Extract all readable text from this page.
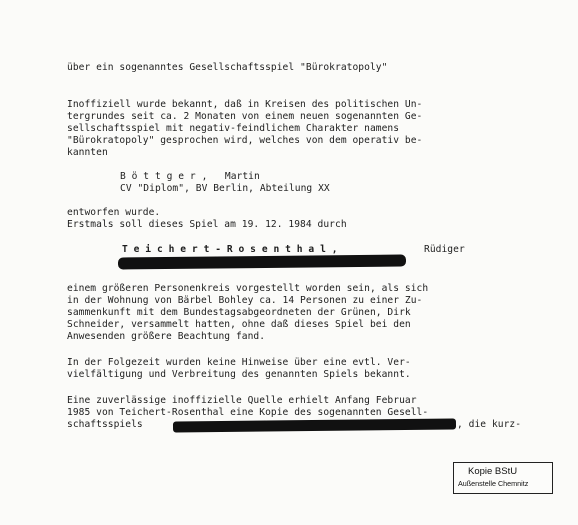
über ein sogenanntes Gesellschaftsspiel "Bürokratopoly"
Inoffiziell wurde bekannt, daß in Kreisen des politischen Un-
tergrundes seit ca. 2 Monaten von einem neuen sogenannten Ge-
sellschaftsspiel mit negativ-feindlichem Charakter namens
"Bürokratopoly" gesprochen wird, welches von dem operativ be-
kannten
B ö t t g e r ,   Martin
CV "Diplom", BV Berlin, Abteilung XX
entworfen wurde.
Erstmals soll dieses Spiel am 19. 12. 1984 durch
T e i c h e r t - R o s e n t h a l ,	Rüdiger
einem größeren Personenkreis vorgestellt worden sein, als sich
in der Wohnung von Bärbel Bohley ca. 14 Personen zu einer Zu-
sammenkunft mit dem Bundestagsabgeordneten der Grünen, Dirk
Schneider, versammelt hatten, ohne daß dieses Spiel bei den
Anwesenden größere Beachtung fand.
In der Folgezeit wurden keine Hinweise über eine evtl. Ver-
vielfältigung und Verbreitung des genannten Spiels bekannt.
Eine zuverlässige inoffizielle Quelle erhielt Anfang Februar
1985 von Teichert-Rosenthal eine Kopie des sogenannten Gesell-
schaftsspiels	, die kurz-
Kopie BStU
Außenstelle Chemnitz
